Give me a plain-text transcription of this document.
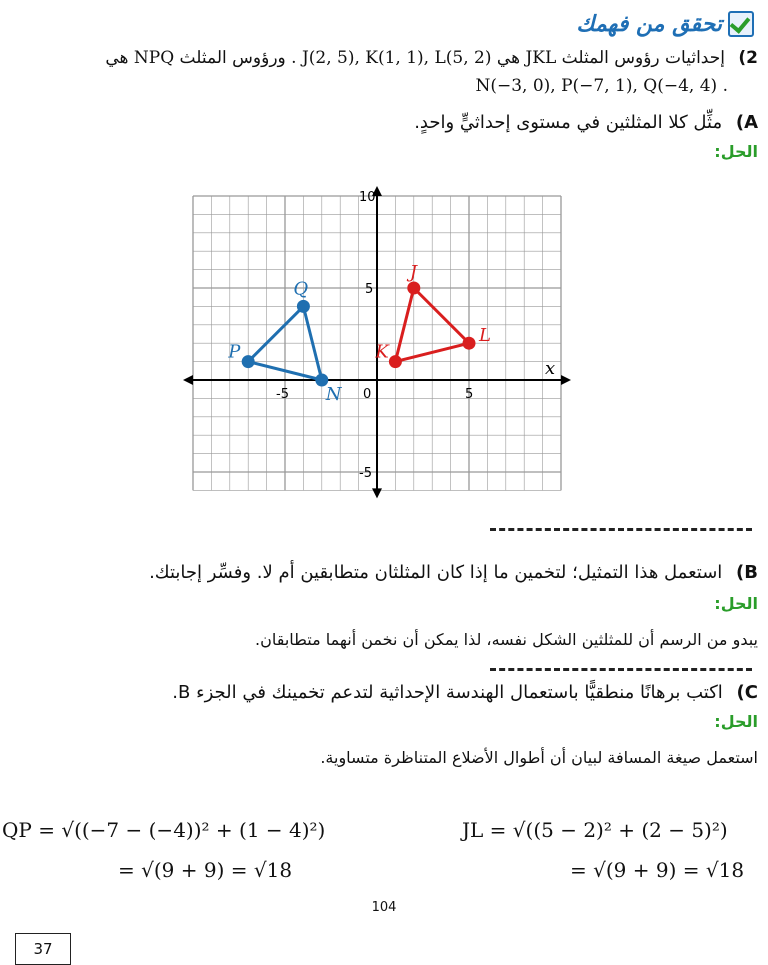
تحقق من فهمك
2) إحداثيات رؤوس المثلث JKL هي J(2, 5), K(1, 1), L(5, 2) . ورؤوس المثلث NPQ هي
. N(−3, 0), P(−7, 1), Q(−4, 4)
A) مثِّل كلا المثلثين في مستوى إحداثيٍّ واحدٍ.
الحل:
-5	0	5
10
5
-5
x
J
K
L
N
P
Q
B) استعمل هذا التمثيل؛ لتخمين ما إذا كان المثلثان متطابقين أم لا. وفسِّر إجابتك.
الحل:
يبدو من الرسم أن للمثلثين الشكل نفسه، لذا يمكن أن نخمن أنهما متطابقان.
C) اكتب برهانًا منطقيًّا باستعمال الهندسة الإحداثية لتدعم تخمينك في الجزء B.
الحل:
استعمل صيغة المسافة لبيان أن أطوال الأضلاع المتناظرة متساوية.
QP = √((−7 − (−4))² + (1 − 4)²)
= √(9 + 9) = √18
JL = √((5 − 2)² + (2 − 5)²)
= √(9 + 9) = √18
104
37
